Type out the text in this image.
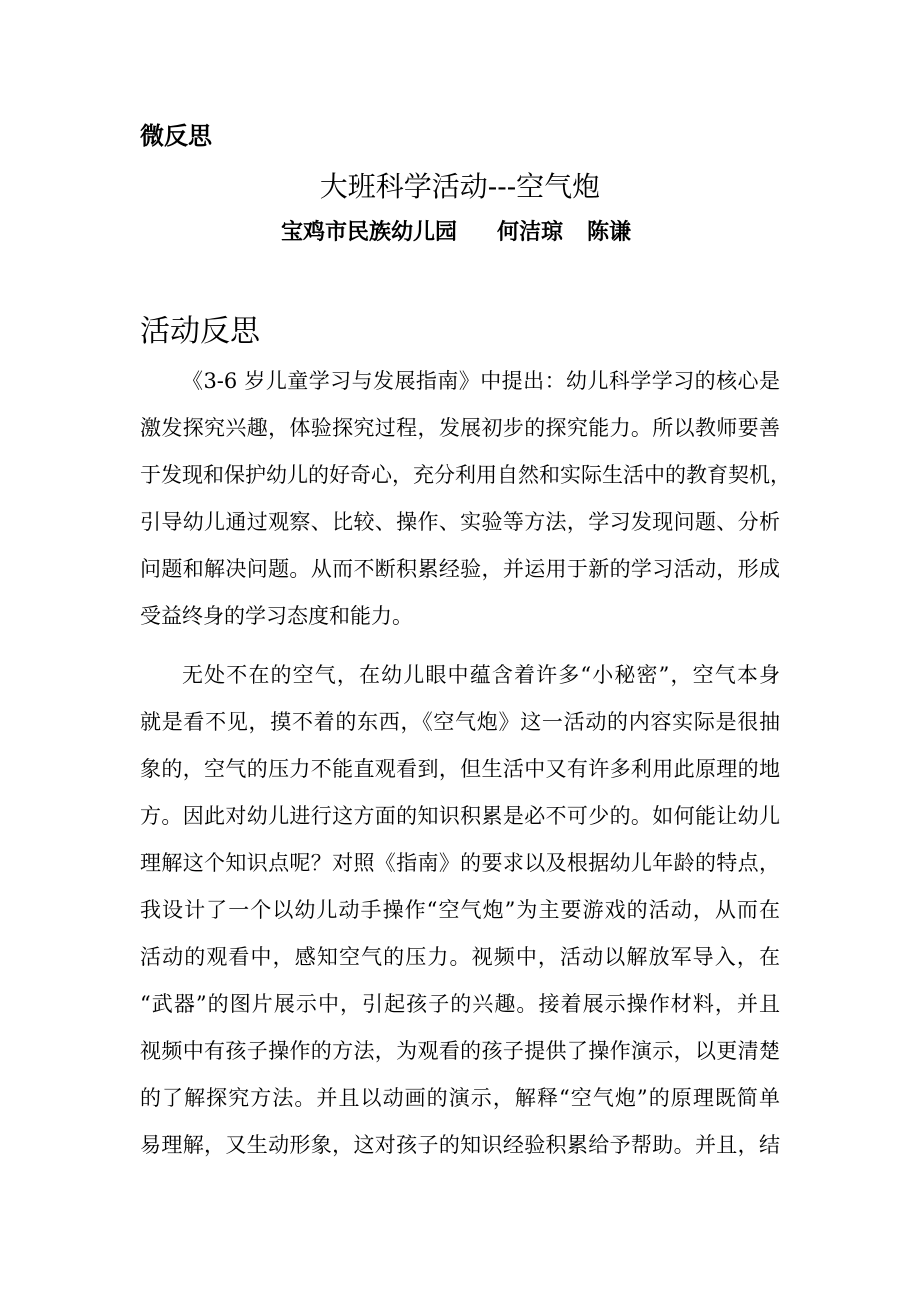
微反思
大班科学活动---空气炮
宝鸡市民族幼儿园 何洁琼 陈谦
活动反思
《3-6 岁儿童学习与发展指南》中提出：幼儿科学学习的核心是
激发探究兴趣，体验探究过程，发展初步的探究能力。所以教师要善
于发现和保护幼儿的好奇心，充分利用自然和实际生活中的教育契机，
引导幼儿通过观察、比较、操作、实验等方法，学习发现问题、分析
问题和解决问题。从而不断积累经验，并运用于新的学习活动，形成
受益终身的学习态度和能力。
无处不在的空气，在幼儿眼中蕴含着许多“小秘密”，空气本身
就是看不见，摸不着的东西，《空气炮》这一活动的内容实际是很抽
象的，空气的压力不能直观看到，但生活中又有许多利用此原理的地
方。因此对幼儿进行这方面的知识积累是必不可少的。如何能让幼儿
理解这个知识点呢？对照《指南》的要求以及根据幼儿年龄的特点，
我设计了一个以幼儿动手操作“空气炮”为主要游戏的活动，从而在
活动的观看中，感知空气的压力。视频中，活动以解放军导入，在
“武器”的图片展示中，引起孩子的兴趣。接着展示操作材料，并且
视频中有孩子操作的方法，为观看的孩子提供了操作演示，以更清楚
的了解探究方法。并且以动画的演示，解释“空气炮”的原理既简单
易理解，又生动形象，这对孩子的知识经验积累给予帮助。并且，结
